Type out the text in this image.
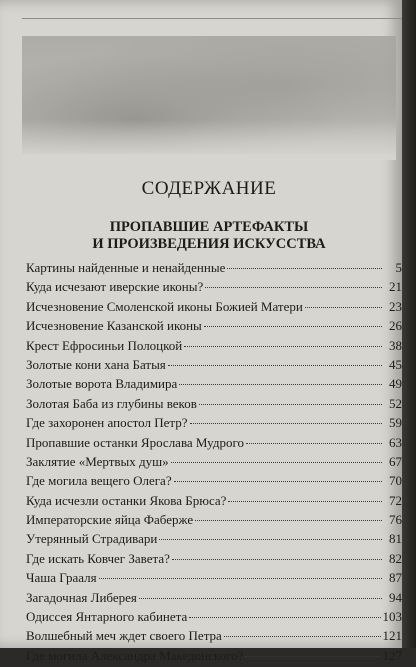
СОДЕРЖАНИЕ
ПРОПАВШИЕ АРТЕФАКТЫ
И ПРОИЗВЕДЕНИЯ ИСКУССТВА
Картины найденные и ненайденные	5
Куда исчезают иверские иконы?	21
Исчезновение Смоленской иконы Божией Матери	23
Исчезновение Казанской иконы	26
Крест Ефросиньи Полоцкой	38
Золотые кони хана Батыя	45
Золотые ворота Владимира	49
Золотая Баба из глубины веков	52
Где захоронен апостол Петр?	59
Пропавшие останки Ярослава Мудрого	63
Заклятие «Мертвых душ»	67
Где могила вещего Олега?	70
Куда исчезли останки Якова Брюса?	72
Императорские яйца Фаберже	76
Утерянный Страдивари	81
Где искать Ковчег Завета?	82
Чаша Грааля	87
Загадочная Либерея	94
Одиссея Янтарного кабинета	103
Волшебный меч ждет своего Петра	121
Где могила Александра Македонского?	127
